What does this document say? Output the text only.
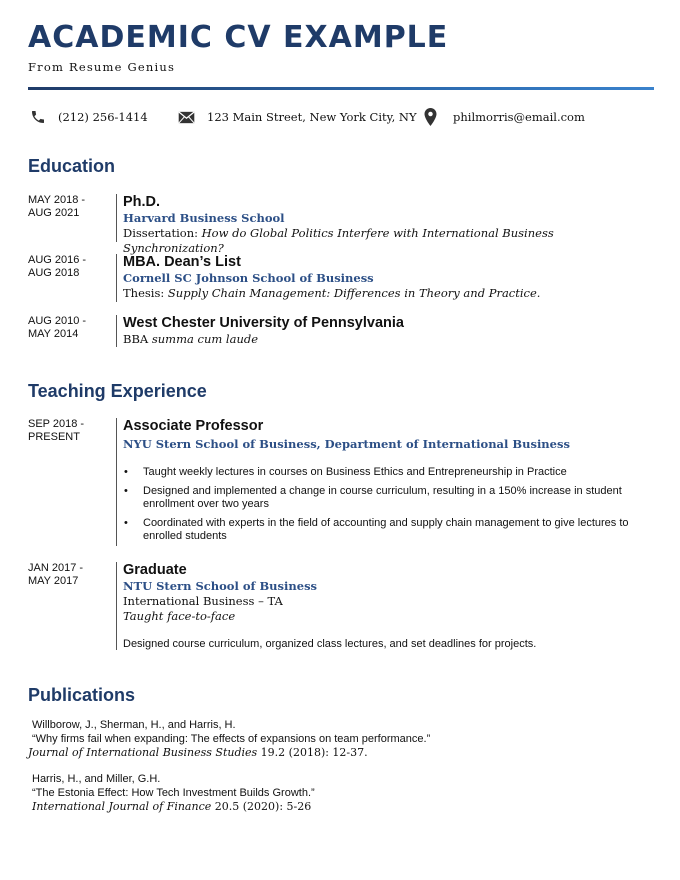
ACADEMIC CV EXAMPLE
From Resume Genius
(212) 256-1414	123 Main Street, New York City, NY	philmorris@email.com
Education
MAY 2018 -
AUG 2021
Ph.D.
Harvard Business School
Dissertation: How do Global Politics Interfere with International Business Synchronization?
AUG 2016 -
AUG 2018
MBA. Dean’s List
Cornell SC Johnson School of Business
Thesis: Supply Chain Management: Differences in Theory and Practice.
AUG 2010 -
MAY 2014
West Chester University of Pennsylvania
BBA summa cum laude
Teaching Experience
SEP 2018 -
PRESENT
Associate Professor
NYU Stern School of Business, Department of International Business
• Taught weekly lectures in courses on Business Ethics and Entrepreneurship in Practice
• Designed and implemented a change in course curriculum, resulting in a 150% increase in student enrollment over two years
• Coordinated with experts in the field of accounting and supply chain management to give lectures to enrolled students
JAN 2017 -
MAY 2017
Graduate
NTU Stern School of Business
International Business – TA
Taught face-to-face
Designed course curriculum, organized class lectures, and set deadlines for projects.
Publications
Willborow, J., Sherman, H., and Harris, H.
“Why firms fail when expanding: The effects of expansions on team performance.”
Journal of International Business Studies 19.2 (2018): 12-37.
Harris, H., and Miller, G.H.
“The Estonia Effect: How Tech Investment Builds Growth.”
International Journal of Finance 20.5 (2020): 5-26
